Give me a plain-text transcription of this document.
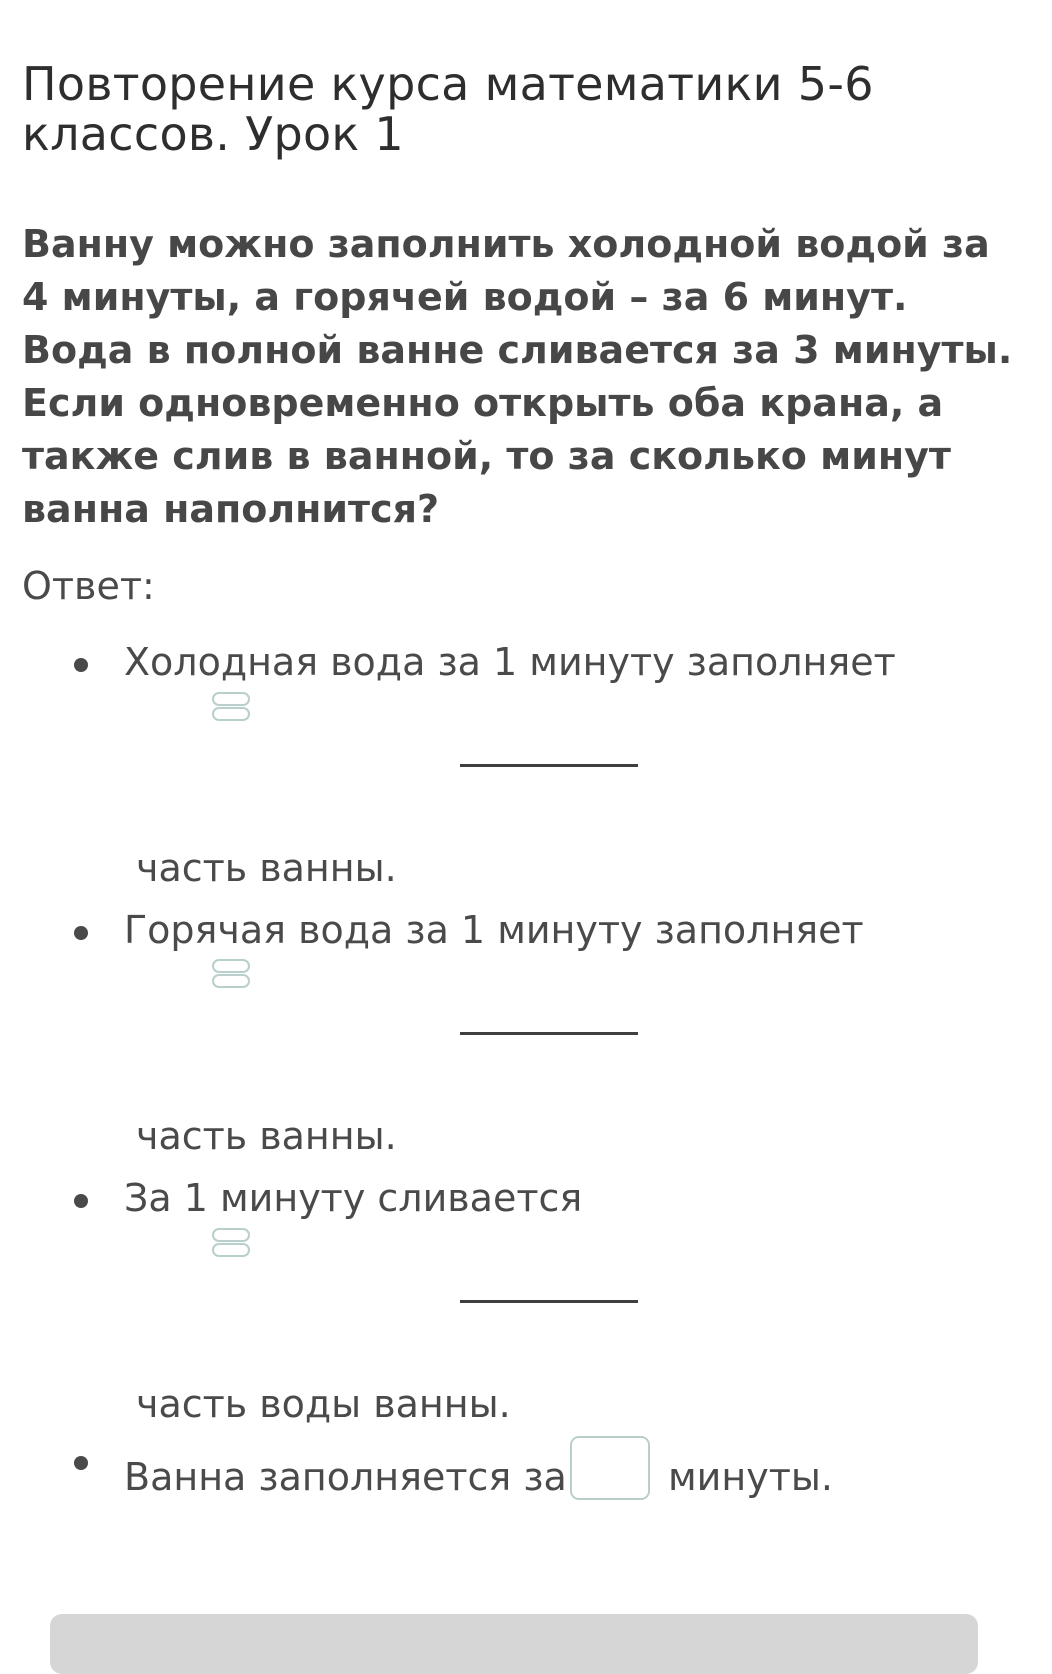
Повторение курса математики 5-6 классов. Урок 1
Ванну можно заполнить холодной водой за 4 минуты, а горячей водой – за 6 минут. Вода в полной ванне сливается за 3 минуты. Если одновременно открыть оба крана, а также слив в ванной, то за сколько минут ванна наполнится?
Ответ:
Холодная вода за 1 минуту заполняет
часть ванны.
Горячая вода за 1 минуту заполняет
часть ванны.
За 1 минуту сливается
часть воды ванны.
Ванна заполняется за	минуты.
